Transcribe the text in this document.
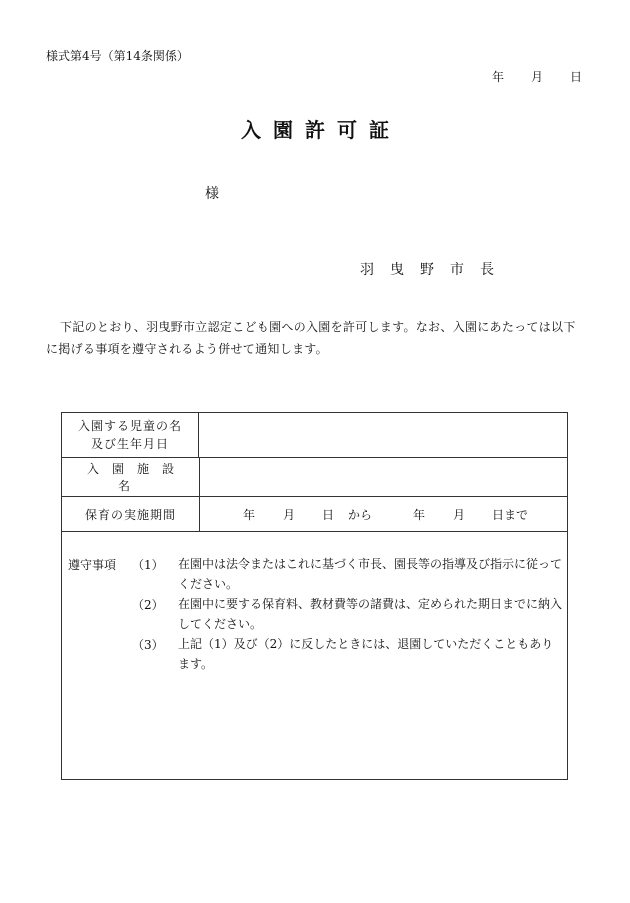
様式第4号（第14条関係）
年 月 日
入園許可証
様
羽曳野市長
下記のとおり、羽曳野市立認定こども園への入園を許可します。なお、入園にあたっては以下に掲げる事項を遵守されるよう併せて通知します。
入園する児童の名及び生年月日
入園施設名
保育の実施期間	年 月 日 から	年 月 日まで
遵守事項 （1） 在園中は法令またはこれに基づく市長、園長等の指導及び指示に従ってください。
（2） 在園中に要する保育料、教材費等の諸費は、定められた期日までに納入してください。
（3） 上記（1）及び（2）に反したときには、退園していただくこともあります。
